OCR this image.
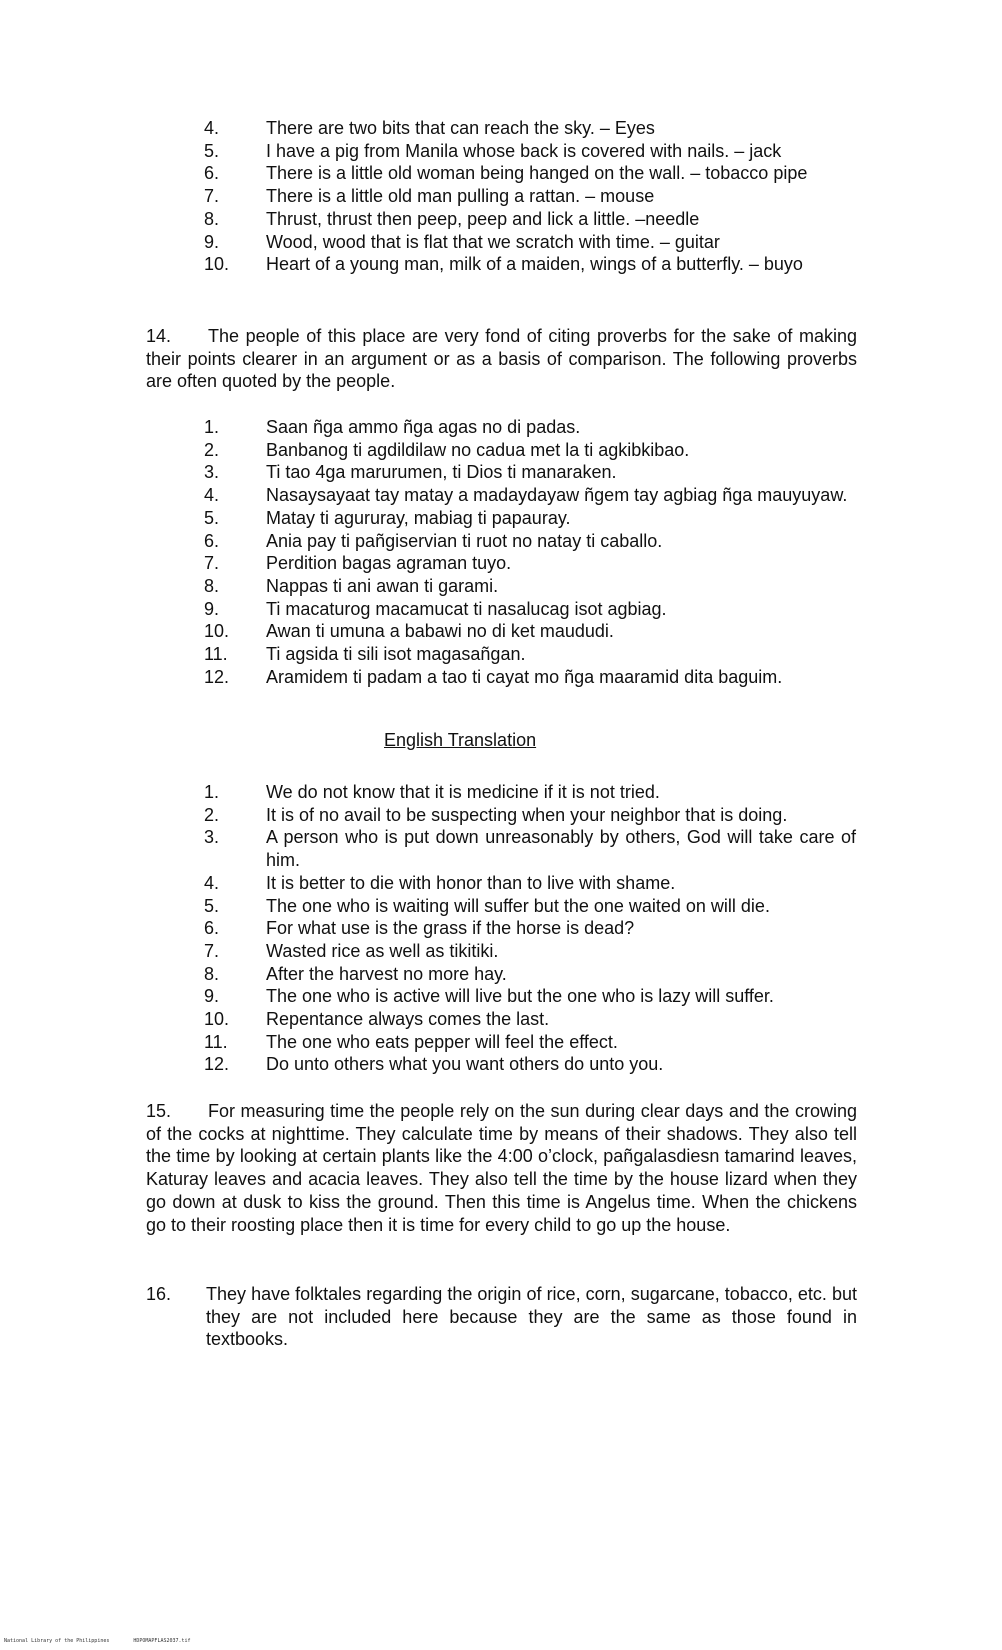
4.	There are two bits that can reach the sky. – Eyes
5.	I have a pig from Manila whose back is covered with nails. – jack
6.	There is a little old woman being hanged on the wall. – tobacco pipe
7.	There is a little old man pulling a rattan. – mouse
8.	Thrust, thrust then peep, peep and lick a little. –needle
9.	Wood, wood that is flat that we scratch with time. – guitar
10.	Heart of a young man, milk of a maiden, wings of a butterfly. – buyo

14. The people of this place are very fond of citing proverbs for the sake of making their points clearer in an argument or as a basis of comparison. The following proverbs are often quoted by the people.

1.	Saan ñga ammo ñga agas no di padas.
2.	Banbanog ti agdildilaw no cadua met la ti agkibkibao.
3.	Ti tao 4ga marurumen, ti Dios ti manaraken.
4.	Nasaysayaat tay matay a madaydayaw ñgem tay agbiag ñga mauyuyaw.
5.	Matay ti agururay, mabiag ti papauray.
6.	Ania pay ti pañgiservian ti ruot no natay ti caballo.
7.	Perdition bagas agraman tuyo.
8.	Nappas ti ani awan ti garami.
9.	Ti macaturog macamucat ti nasalucag isot agbiag.
10.	Awan ti umuna a babawi no di ket maududi.
11.	Ti agsida ti sili isot magasañgan.
12.	Aramidem ti padam a tao ti cayat mo ñga maaramid dita baguim.
English Translation
1.	We do not know that it is medicine if it is not tried.
2.	It is of no avail to be suspecting when your neighbor that is doing.
3.	A person who is put down unreasonably by others, God will take care of him.
4.	It is better to die with honor than to live with shame.
5.	The one who is waiting will suffer but the one waited on will die.
6.	For what use is the grass if the horse is dead?
7.	Wasted rice as well as tikitiki.
8.	After the harvest no more hay.
9.	The one who is active will live but the one who is lazy will suffer.
10.	Repentance always comes the last.
11.	The one who eats pepper will feel the effect.
12.	Do unto others what you want others do unto you.

15. For measuring time the people rely on the sun during clear days and the crowing of the cocks at nighttime. They calculate time by means of their shadows. They also tell the time by looking at certain plants like the 4:00 o’clock, pañgalasdiesn tamarind leaves, Katuray leaves and acacia leaves. They also tell the time by the house lizard when they go down at dusk to kiss the ground. Then this time is Angelus time. When the chickens go to their roosting place then it is time for every child to go up the house.

16. They have folktales regarding the origin of rice, corn, sugarcane, tobacco, etc. but they are not included here because they are the same as those found in textbooks.
National Library of the Philippines	HDPOMAPFLAS2037.tif
